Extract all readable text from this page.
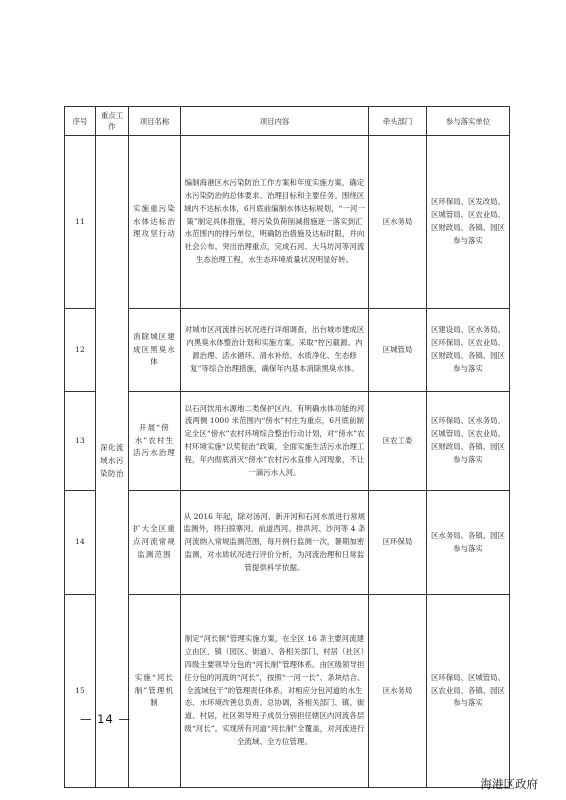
序号	重点工作	项目名称	项目内容	牵头部门	参与落实单位
11	深化流域水污染防治	实施重污染水体达标治理攻坚行动	编制海港区水污染防治工作方案和年度实施方案，确定水污染防治的总体要求、治理目标和主要任务。围绕区域内不达标水体，6月底前编制水体达标规划，“一河一策”制定具体措施，将污染负荷削减措施逐一落实到汇水范围内的排污单位，明确防治措施及达标时限，并向社会公布。突出治理重点，完成石河、大马坊河等河流生态治理工程，水生态环境质量状况明显好转。	区水务局	区环保局、区发改局、区城管局、区农业局、区财政局、各镇、园区参与落实
12		消除城区建成区黑臭水体	对城市区河流排污状况进行详细调查，出台城市建成区内黑臭水体整治计划和实施方案。采取“控污截源、内源治理、活水循环、清水补给、水质净化、生态修复”等综合治理措施，确保年内基本消除黑臭水体。	区城管局	区建设局、区水务局、区环保局、区农业局、区财政局、各镇、园区参与落实
13		开展“傍水”农村生活污水治理	以石河饮用水源地二类保护区内、有明确水体功能的河流两侧 1000 米范围内“傍水”村庄为重点，6月底前制定全区“傍水”农村环境综合整治行动计划，对“傍水”农村环境实施“以奖促治”政策，全面实施生活污水治理工程，年内彻底消灭“傍水”农村污水直排入河现象，不让一滴污水入河。	区农工委	区环保局、区水务局、区城管局、区农业局、区财政局、各镇、园区参与落实
14		扩大全区重点河流常规监测范围	从 2016 年起，除对汤河、新开河和石河水质进行常规监测外，将扫掠寨河、前道西河、排洪河、沙河等 4 条河流纳入常规监测范围，每月例行监测一次，暑期加密监测，对水质状况进行评价分析，为河流治理和日常监管提供科学依据。	区环保局	区水务局、各镇、园区参与落实
15		实施“河长制”管理机制	制定“河长制”管理实施方案，在全区 16 条主要河流建立由区、镇（园区、街道）、各相关部门、村居（社区）四级主要领导分包的“河长制”管理体系。由区级领导担任分包的河流的“河长”，按照“一河一长”、条块结合、全流域包干”的管理责任体系，对相应分包河道的水生态、水环境改善总负责、总协调，各相关部门、镇、街道、村居，社区领导班子成员分别担任辖区内河流各层级“河长”。实现所有河道“河长制”全覆盖，对河流进行全流域、全方位管理。	区水务局	区环保局、区城管局、区农业局、各镇、园区参与落实
— 14 —
海港区政府
